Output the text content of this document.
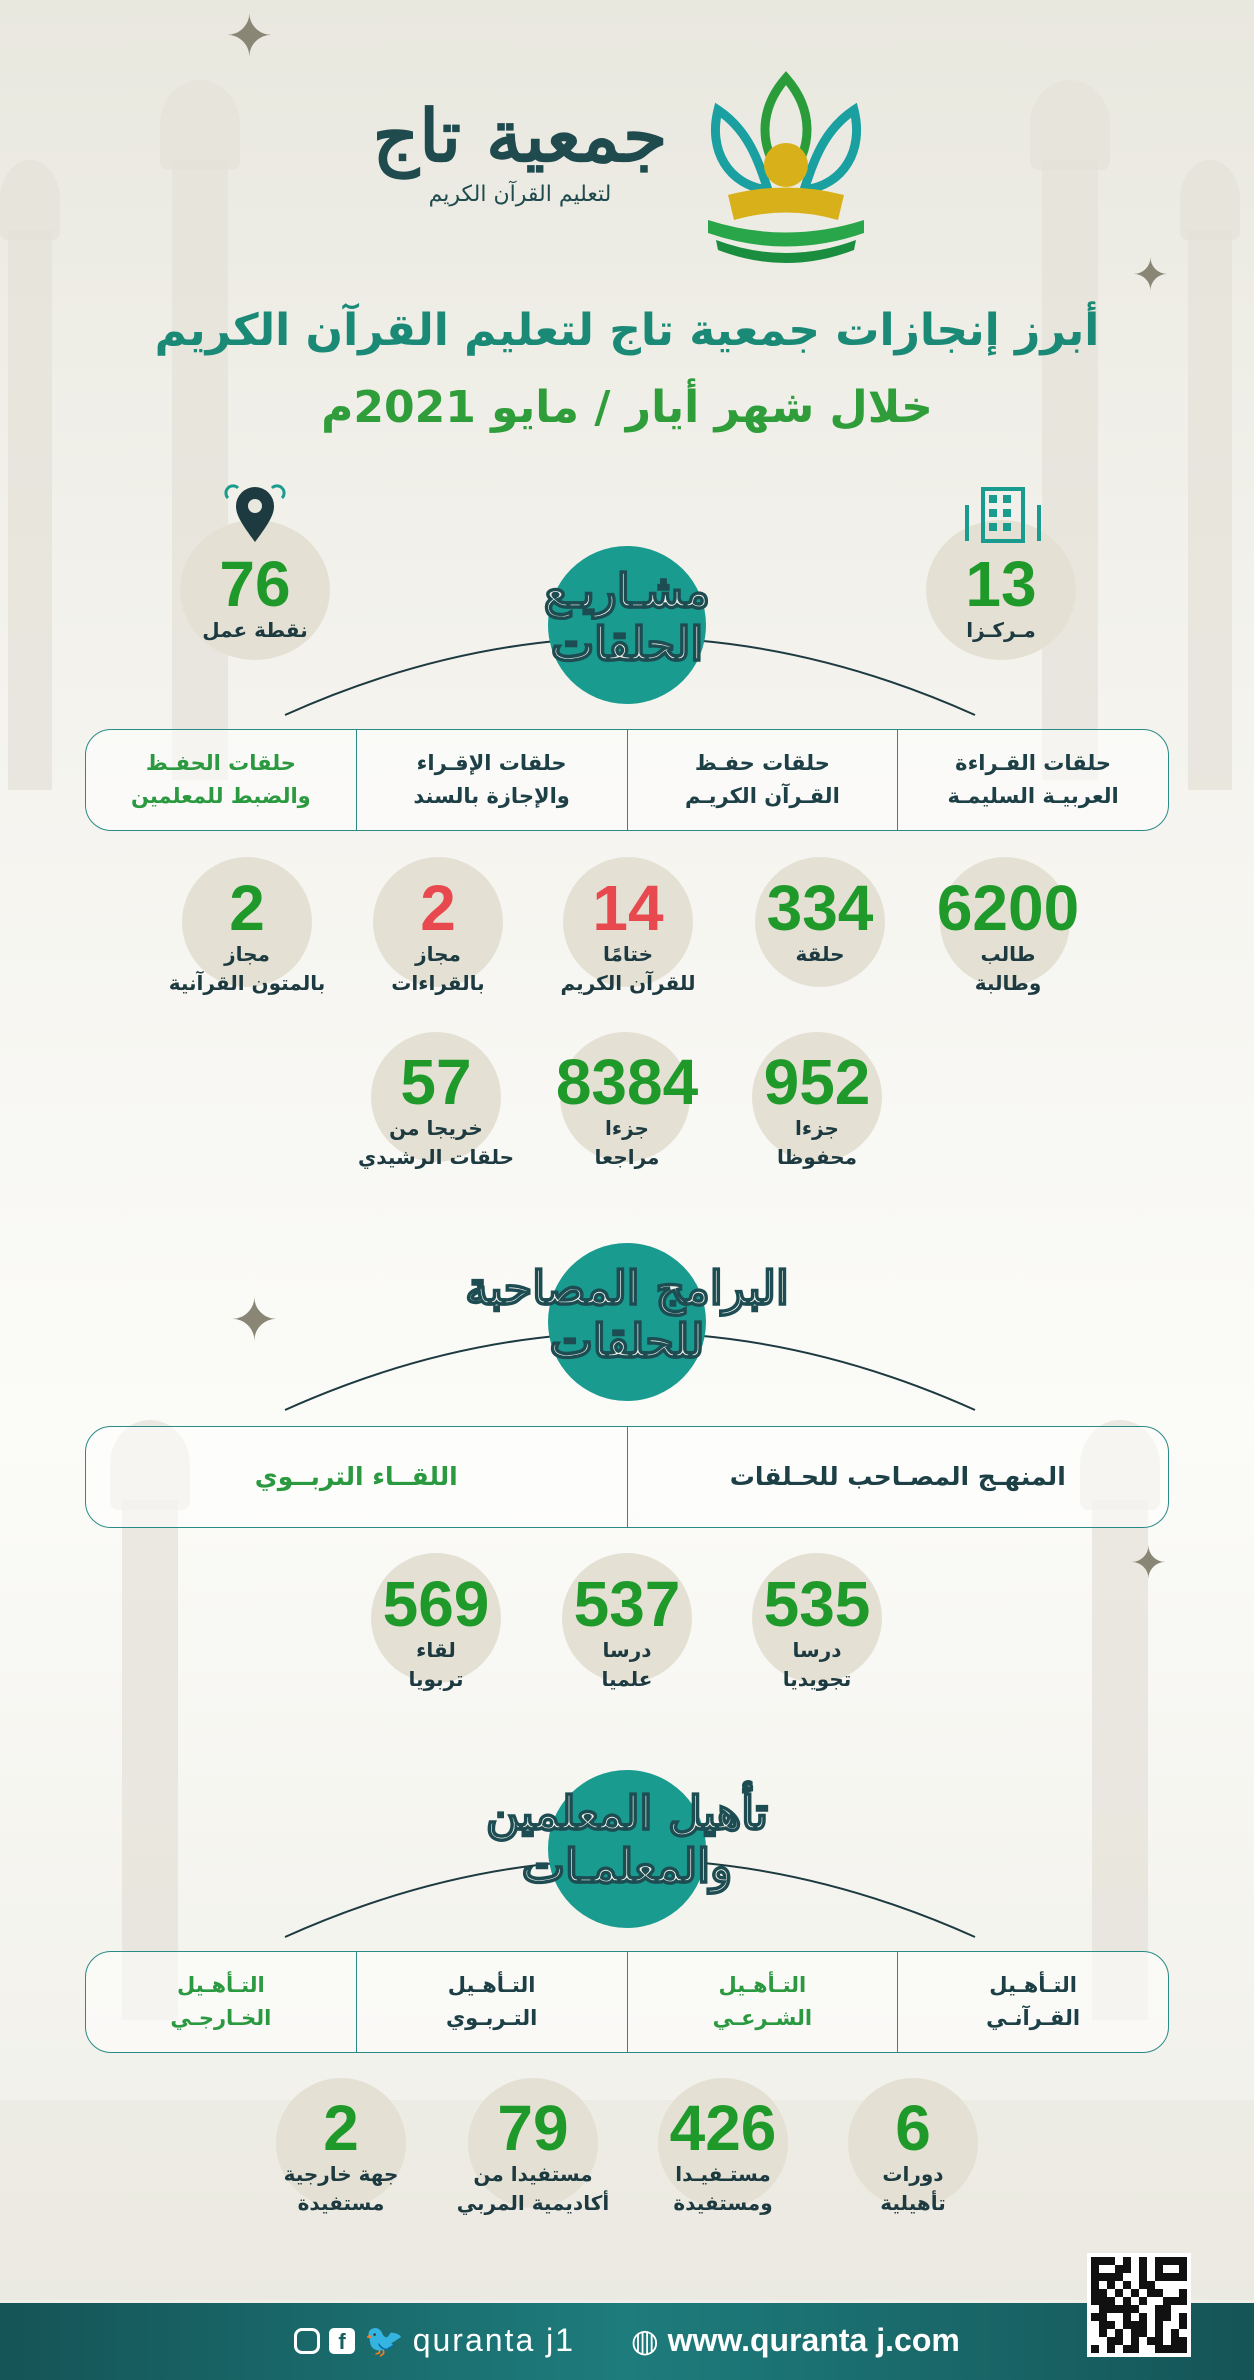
✦
✦
✦
✦
جمعية تاج
لتعليم القرآن الكريم
أبرز إنجازات جمعية تاج لتعليم القرآن الكريم
خلال شهر أيار / مايو 2021م
13
مـركـزا
76
نقطة عمل
مشـاريـع
الحلقات
حلقات القـراءة
العربيـة السليمـة
حلقات حفـظ
القـرآن الكريـم
حلقات الإقـراء
والإجازة بالسند
حلقات الحفـظ
والضبط للمعلمين
6200
طالب
وطالبة
334
حلقة
14
ختامًا
للقرآن الكريم
2
مجاز
بالقراءات
2
مجاز
بالمتون القرآنية
952
جزءا
محفوظا
8384
جزءا
مراجعا
57
خريجا من
حلقات الرشيدي
البرامج المصاحبة
للحلقات
المنهـج المصـاحب للحـلقات
اللقــاء التربــوي
535
درسا
تجويديا
537
درسا
علميا
569
لقاء
تربويا
تأهيل المعلمين
والمعلمـات
التـأهـيل
القـرآنـي
التـأهـيل
الشـرعـي
التـأهـيل
التـربـوي
التـأهـيل
الخـارجـي
6
دورات
تأهيلية
426
مستـفيـدا
ومستفيدة
79
مستفيدا من
أكاديمية المربي
2
جهة خارجية
مستفيدة
f 🐦 quranta j1 ◍ www.quranta j.com
